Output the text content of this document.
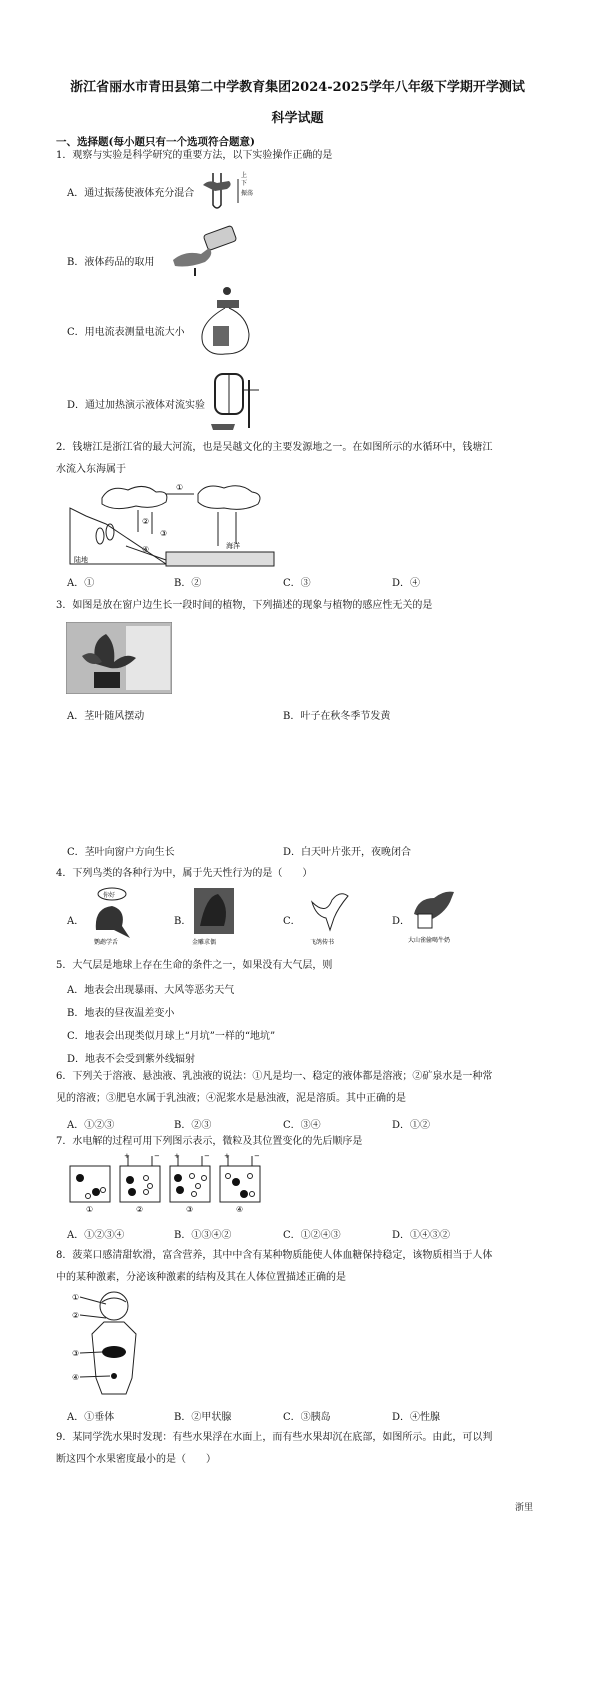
浙江省丽水市青田县第二中学教育集团2024-2025学年八年级下学期开学测试
科学试题
一、选择题(每小题只有一个选项符合题意)
1．观察与实验是科学研究的重要方法，以下实验操作正确的是
A．通过振荡使液体充分混合
B．液体药品的取用
C．用电流表测量电流大小
D．通过加热演示液体对流实验
上
下
振荡
2．钱塘江是浙江省的最大河流，也是吴越文化的主要发源地之一。在如图所示的水循环中，钱塘江
水流入东海属于
①
②
③
④	海洋
陆地
A．①	B．②	C．③	D．④
3．如图是放在窗户边生长一段时间的植物，下列描述的现象与植物的感应性无关的是
A．茎叶随风摆动	B．叶子在秋冬季节发黄
C．茎叶向窗户方向生长	D．白天叶片张开，夜晚闭合
4．下列鸟类的各种行为中，属于先天性行为的是（　　）
A．	B．	C．	D．
你好
鹦鹉学舌	金雕求偶	飞鸽传书	大山雀偷喝牛奶
5．大气层是地球上存在生命的条件之一，如果没有大气层，则
A．地表会出现暴雨、大风等恶劣天气
B．地表的昼夜温差变小
C．地表会出现类似月球上“月坑”一样的“地坑”
D．地表不会受到紫外线辐射
6．下列关于溶液、悬浊液、乳浊液的说法：①凡是均一、稳定的液体都是溶液；②矿泉水是一种常
见的溶液；③肥皂水属于乳浊液；④泥浆水是悬浊液，泥是溶质。其中正确的是
A．①②③	B．②③	C．③④	D．①②
7．水电解的过程可用下列图示表示，微粒及其位置变化的先后顺序是
①
+	−
②
+	−
③
+	−
④
A．①②③④	B．①③④②	C．①②④③	D．①④③②
8．菠菜口感清甜软滑，富含营养，其中中含有某种物质能使人体血糖保持稳定，该物质相当于人体
中的某种激素，分泌该种激素的结构及其在人体位置描述正确的是
①
②
③
④
A．①垂体	B．②甲状腺	C．③胰岛	D．④性腺
9．某同学洗水果时发现：有些水果浮在水面上，而有些水果却沉在底部，如图所示。由此，可以判
断这四个水果密度最小的是（　　）
浙里
